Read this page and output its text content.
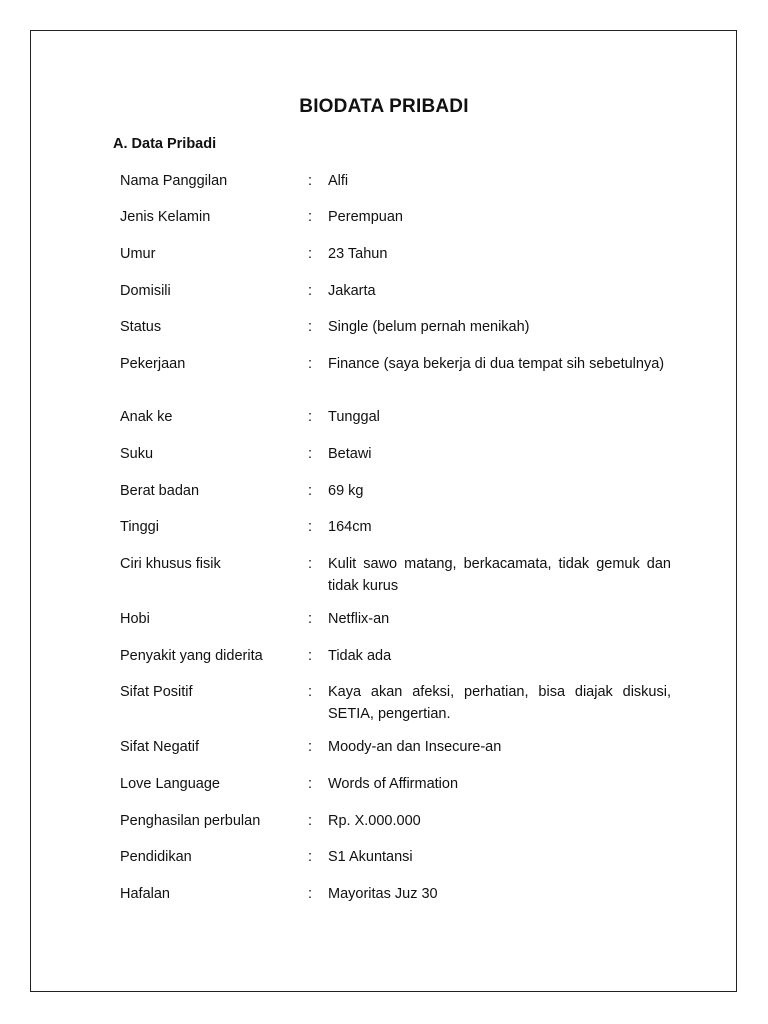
BIODATA PRIBADI
A. Data Pribadi
Nama Panggilan	:	Alfi
Jenis Kelamin	:	Perempuan
Umur	:	23 Tahun
Domisili	:	Jakarta
Status	:	Single (belum pernah menikah)
Pekerjaan	:	Finance (saya bekerja di dua tempat sih sebetulnya)
Anak ke	:	Tunggal
Suku	:	Betawi
Berat badan	:	69 kg
Tinggi	:	164cm
Ciri khusus fisik	:	Kulit sawo matang, berkacamata, tidak gemuk dan tidak kurus
Hobi	:	Netflix-an
Penyakit yang diderita	:	Tidak ada
Sifat Positif	:	Kaya akan afeksi, perhatian, bisa diajak diskusi, SETIA, pengertian.
Sifat Negatif	:	Moody-an dan Insecure-an
Love Language	:	Words of Affirmation
Penghasilan perbulan	:	Rp. X.000.000
Pendidikan	:	S1 Akuntansi
Hafalan	:	Mayoritas Juz 30
